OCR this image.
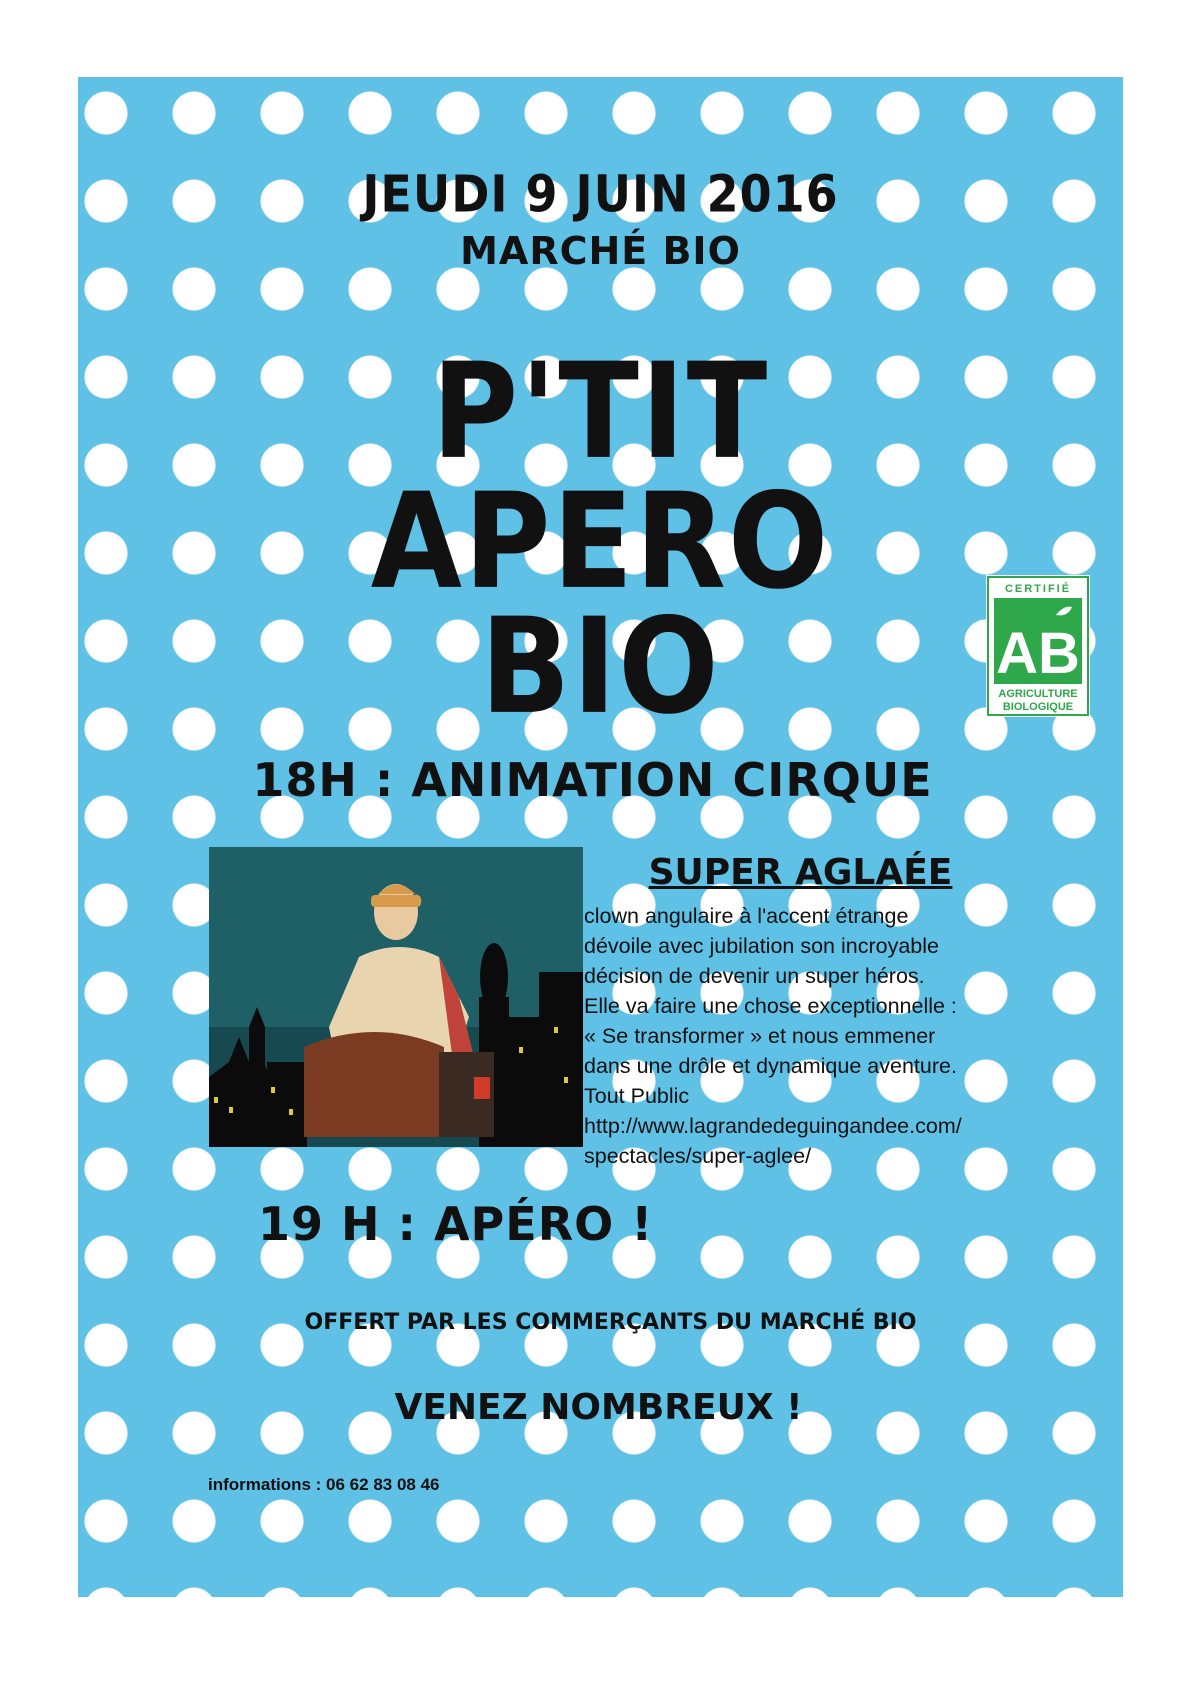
JEUDI 9 JUIN 2016

MARCHÉ BIO

P'TIT

APERO

BIO	CERTIFIÉ
AB
AGRICULTURE
BIOLOGIQUE

18H : ANIMATION CIRQUE

SUPER AGLAÉE

clown angulaire à l'accent étrange
dévoile avec jubilation son incroyable
décision de devenir un super héros.
Elle va faire une chose exceptionnelle :
« Se transformer » et nous emmener
dans une drôle et dynamique aventure.
Tout Public
http://www.lagrandedeguingandee.com/
spectacles/super-aglee/

19 H : APÉRO !

OFFERT PAR LES COMMERÇANTS DU MARCHÉ BIO

VENEZ NOMBREUX !

informations : 06 62 83 08 46
